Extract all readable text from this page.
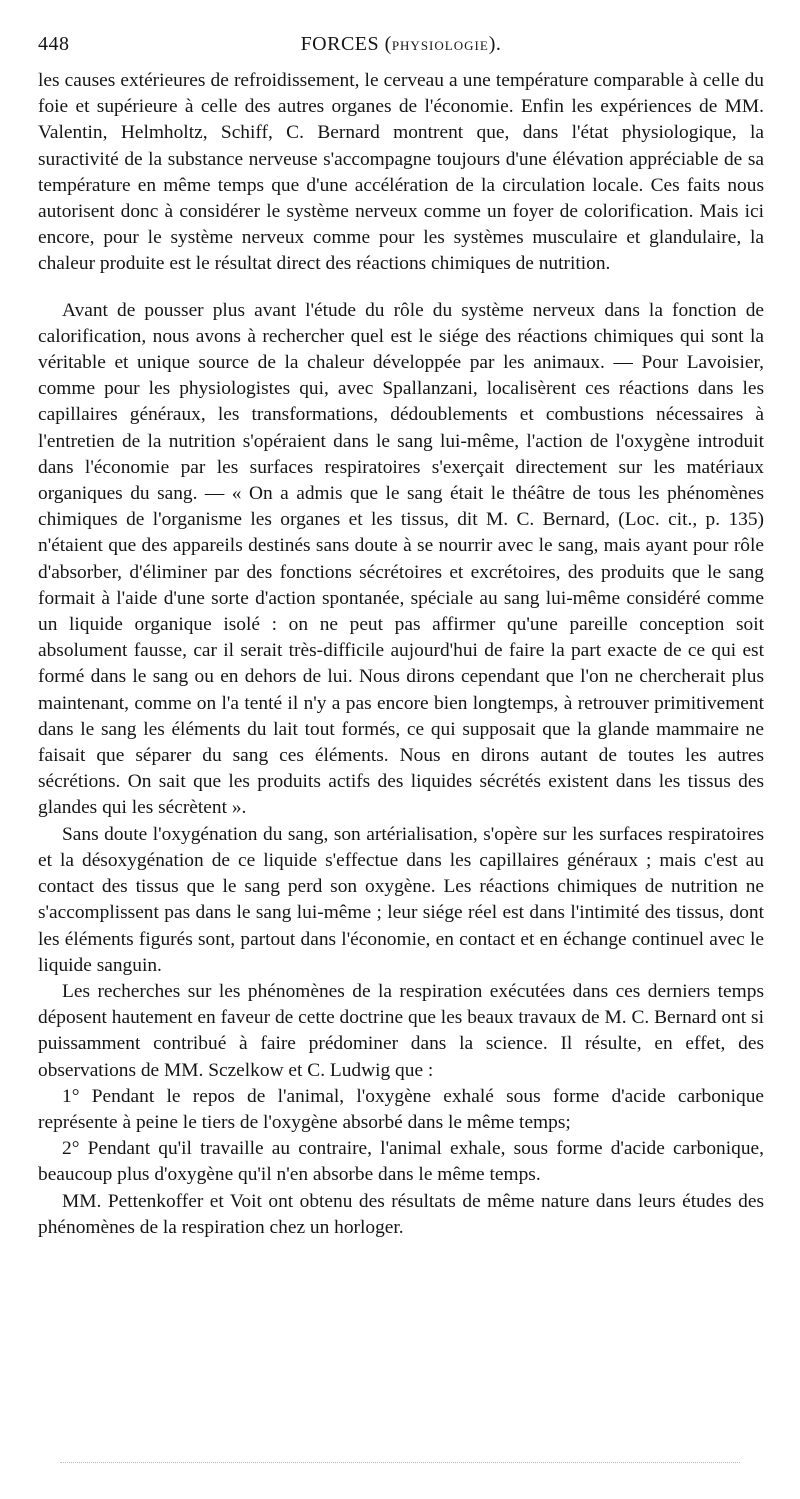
448	FORCES (PHYSIOLOGIE).

les causes extérieures de refroidissement, le cerveau a une température comparable à celle du foie et supérieure à celle des autres organes de l'économie. Enfin les expériences de MM. Valentin, Helmholtz, Schiff, C. Bernard montrent que, dans l'état physiologique, la suractivité de la substance nerveuse s'accompagne toujours d'une élévation appréciable de sa température en même temps que d'une accélération de la circulation locale. Ces faits nous autorisent donc à considérer le système nerveux comme un foyer de colorification. Mais ici encore, pour le système nerveux comme pour les systèmes musculaire et glandulaire, la chaleur produite est le résultat direct des réactions chimiques de nutrition.

Avant de pousser plus avant l'étude du rôle du système nerveux dans la fonction de calorification, nous avons à rechercher quel est le siége des réactions chimiques qui sont la véritable et unique source de la chaleur développée par les animaux. — Pour Lavoisier, comme pour les physiologistes qui, avec Spallanzani, localisèrent ces réactions dans les capillaires généraux, les transformations, dédoublements et combustions nécessaires à l'entretien de la nutrition s'opéraient dans le sang lui-même, l'action de l'oxygène introduit dans l'économie par les surfaces respiratoires s'exerçait directement sur les matériaux organiques du sang. — « On a admis que le sang était le théâtre de tous les phénomènes chimiques de l'organisme les organes et les tissus, dit M. C. Bernard, (Loc. cit., p. 135) n'étaient que des appareils destinés sans doute à se nourrir avec le sang, mais ayant pour rôle d'absorber, d'éliminer par des fonctions sécrétoires et excrétoires, des produits que le sang formait à l'aide d'une sorte d'action spontanée, spéciale au sang lui-même considéré comme un liquide organique isolé : on ne peut pas affirmer qu'une pareille conception soit absolument fausse, car il serait très-difficile aujourd'hui de faire la part exacte de ce qui est formé dans le sang ou en dehors de lui. Nous dirons cependant que l'on ne chercherait plus maintenant, comme on l'a tenté il n'y a pas encore bien longtemps, à retrouver primitivement dans le sang les éléments du lait tout formés, ce qui supposait que la glande mammaire ne faisait que séparer du sang ces éléments. Nous en dirons autant de toutes les autres sécrétions. On sait que les produits actifs des liquides sécrétés existent dans les tissus des glandes qui les sécrètent ».

Sans doute l'oxygénation du sang, son artérialisation, s'opère sur les surfaces respiratoires et la désoxygénation de ce liquide s'effectue dans les capillaires généraux ; mais c'est au contact des tissus que le sang perd son oxygène. Les réactions chimiques de nutrition ne s'accomplissent pas dans le sang lui-même ; leur siége réel est dans l'intimité des tissus, dont les éléments figurés sont, partout dans l'économie, en contact et en échange continuel avec le liquide sanguin.

Les recherches sur les phénomènes de la respiration exécutées dans ces derniers temps déposent hautement en faveur de cette doctrine que les beaux travaux de M. C. Bernard ont si puissamment contribué à faire prédominer dans la science. Il résulte, en effet, des observations de MM. Sczelkow et C. Ludwig que :

1° Pendant le repos de l'animal, l'oxygène exhalé sous forme d'acide carbonique représente à peine le tiers de l'oxygène absorbé dans le même temps;

2° Pendant qu'il travaille au contraire, l'animal exhale, sous forme d'acide carbonique, beaucoup plus d'oxygène qu'il n'en absorbe dans le même temps.

MM. Pettenkoffer et Voit ont obtenu des résultats de même nature dans leurs études des phénomènes de la respiration chez un horloger.
